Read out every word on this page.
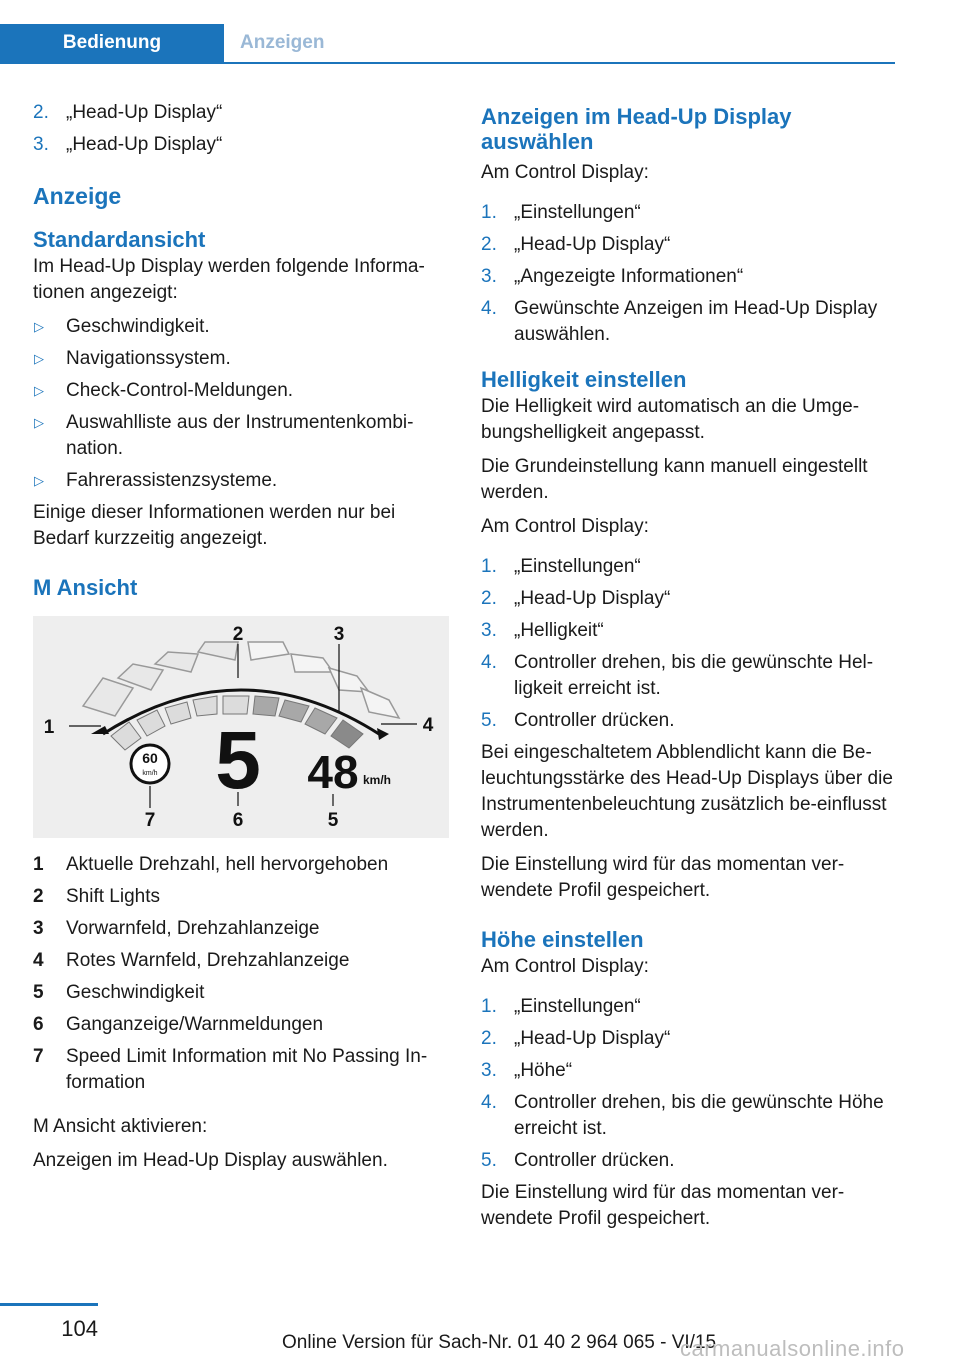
Bedienung	Anzeigen
2. „Head-Up Display“
3. „Head-Up Display“
Anzeige
Standardansicht

Im Head-Up Display werden folgende Informa-tionen angezeigt:

▷ Geschwindigkeit.
▷ Navigationssystem.
▷ Check-Control-Meldungen.
▷ Auswahlliste aus der Instrumentenkombi-nation.
▷ Fahrerassistenzsysteme.

Einige dieser Informationen werden nur bei Bedarf kurzzeitig angezeigt.

M Ansicht
60
km/h 5 48 km/h
1
2	3
4
5
6
7
1 Aktuelle Drehzahl, hell hervorgehoben
2 Shift Lights
3 Vorwarnfeld, Drehzahlanzeige
4 Rotes Warnfeld, Drehzahlanzeige
5 Geschwindigkeit
6 Ganganzeige/Warnmeldungen
7 Speed Limit Information mit No Passing In-formation

M Ansicht aktivieren:

Anzeigen im Head-Up Display auswählen.

Anzeigen im Head-Up Display auswählen

Am Control Display:

1. „Einstellungen“
2. „Head-Up Display“
3. „Angezeigte Informationen“
4. Gewünschte Anzeigen im Head-Up Display auswählen.
Helligkeit einstellen

Die Helligkeit wird automatisch an die Umge-bungshelligkeit angepasst.

Die Grundeinstellung kann manuell eingestellt werden.

Am Control Display:

1. „Einstellungen“
2. „Head-Up Display“
3. „Helligkeit“
4. Controller drehen, bis die gewünschte Hel-ligkeit erreicht ist.
5. Controller drücken.

Bei eingeschaltetem Abblendlicht kann die Be-leuchtungsstärke des Head-Up Displays über die Instrumentenbeleuchtung zusätzlich be-einflusst werden.

Die Einstellung wird für das momentan ver-wendete Profil gespeichert.

Höhe einstellen

Am Control Display:

1. „Einstellungen“
2. „Head-Up Display“
3. „Höhe“
4. Controller drehen, bis die gewünschte Höhe erreicht ist.
5. Controller drücken.

Die Einstellung wird für das momentan ver-wendete Profil gespeichert.

104
Online Version für Sach-Nr. 01 40 2 964 065 - VI/15
carmanualsonline.info
